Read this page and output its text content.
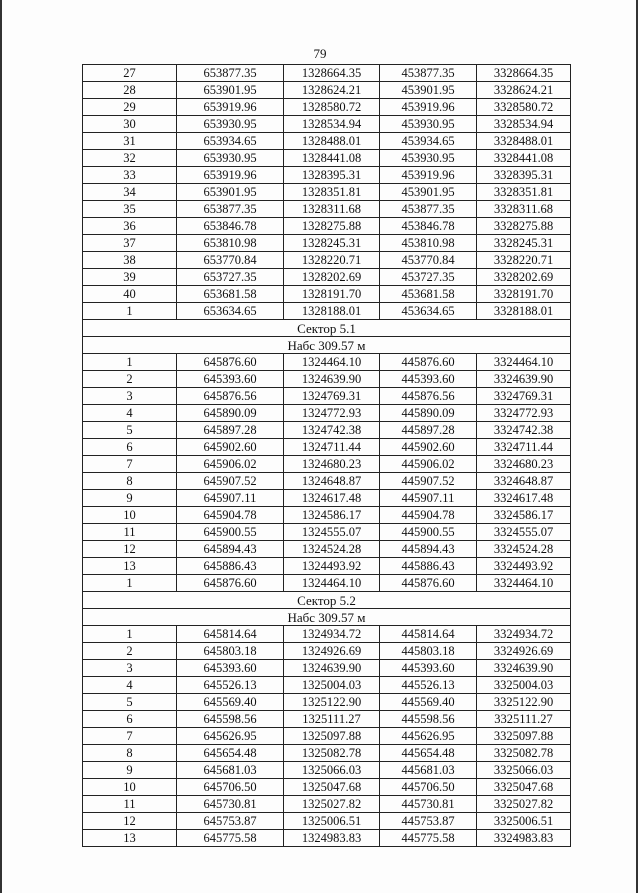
79
27	653877.35	1328664.35	453877.35	3328664.35
28	653901.95	1328624.21	453901.95	3328624.21
29	653919.96	1328580.72	453919.96	3328580.72
30	653930.95	1328534.94	453930.95	3328534.94
31	653934.65	1328488.01	453934.65	3328488.01
32	653930.95	1328441.08	453930.95	3328441.08
33	653919.96	1328395.31	453919.96	3328395.31
34	653901.95	1328351.81	453901.95	3328351.81
35	653877.35	1328311.68	453877.35	3328311.68
36	653846.78	1328275.88	453846.78	3328275.88
37	653810.98	1328245.31	453810.98	3328245.31
38	653770.84	1328220.71	453770.84	3328220.71
39	653727.35	1328202.69	453727.35	3328202.69
40	653681.58	1328191.70	453681.58	3328191.70
1	653634.65	1328188.01	453634.65	3328188.01
Сектор 5.1				
Набс 309.57 м				
1	645876.60	1324464.10	445876.60	3324464.10
2	645393.60	1324639.90	445393.60	3324639.90
3	645876.56	1324769.31	445876.56	3324769.31
4	645890.09	1324772.93	445890.09	3324772.93
5	645897.28	1324742.38	445897.28	3324742.38
6	645902.60	1324711.44	445902.60	3324711.44
7	645906.02	1324680.23	445906.02	3324680.23
8	645907.52	1324648.87	445907.52	3324648.87
9	645907.11	1324617.48	445907.11	3324617.48
10	645904.78	1324586.17	445904.78	3324586.17
11	645900.55	1324555.07	445900.55	3324555.07
12	645894.43	1324524.28	445894.43	3324524.28
13	645886.43	1324493.92	445886.43	3324493.92
1	645876.60	1324464.10	445876.60	3324464.10
Сектор 5.2				
Набс 309.57 м				
1	645814.64	1324934.72	445814.64	3324934.72
2	645803.18	1324926.69	445803.18	3324926.69
3	645393.60	1324639.90	445393.60	3324639.90
4	645526.13	1325004.03	445526.13	3325004.03
5	645569.40	1325122.90	445569.40	3325122.90
6	645598.56	1325111.27	445598.56	3325111.27
7	645626.95	1325097.88	445626.95	3325097.88
8	645654.48	1325082.78	445654.48	3325082.78
9	645681.03	1325066.03	445681.03	3325066.03
10	645706.50	1325047.68	445706.50	3325047.68
11	645730.81	1325027.82	445730.81	3325027.82
12	645753.87	1325006.51	445753.87	3325006.51
13	645775.58	1324983.83	445775.58	3324983.83
